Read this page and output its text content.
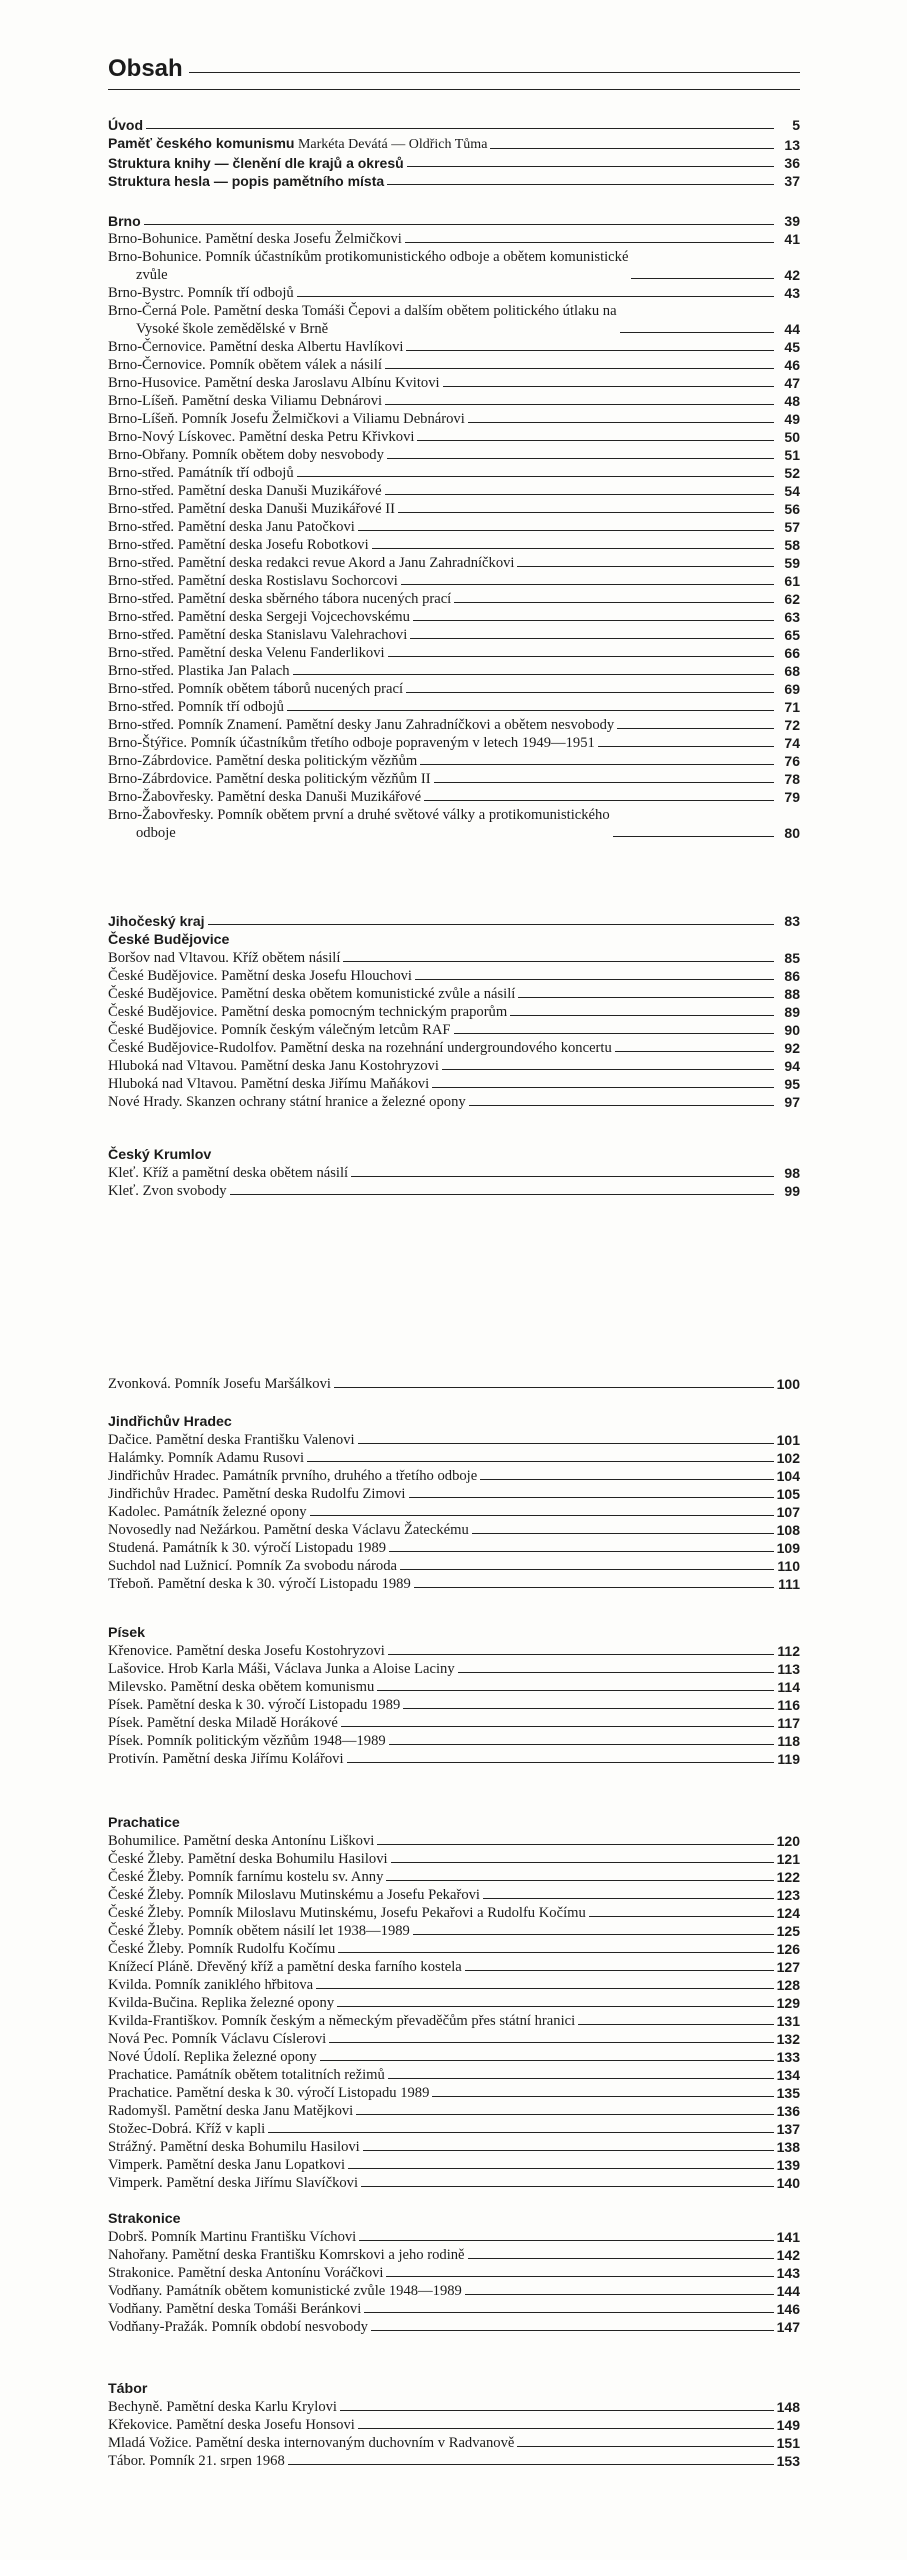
Obsah
Úvod	5
Paměť českého komunismu Markéta Devátá — Oldřich Tůma	13
Struktura knihy — členění dle krajů a okresů	36
Struktura hesla — popis pamětního místa	37
Brno	39
Brno-Bohunice. Pamětní deska Josefu Želmičkovi	41
Brno-Bohunice. Pomník účastníkům protikomunistického odboje a obětem komunistické
zvůle	42
Brno-Bystrc. Pomník tří odbojů	43
Brno-Černá Pole. Pamětní deska Tomáši Čepovi a dalším obětem politického útlaku na
Vysoké škole zemědělské v Brně	44
Brno-Černovice. Pamětní deska Albertu Havlíkovi	45
Brno-Černovice. Pomník obětem válek a násilí	46
Brno-Husovice. Pamětní deska Jaroslavu Albínu Kvitovi	47
Brno-Líšeň. Pamětní deska Viliamu Debnárovi	48
Brno-Líšeň. Pomník Josefu Želmičkovi a Viliamu Debnárovi	49
Brno-Nový Lískovec. Pamětní deska Petru Křivkovi	50
Brno-Obřany. Pomník obětem doby nesvobody	51
Brno-střed. Památník tří odbojů	52
Brno-střed. Pamětní deska Danuši Muzikářové	54
Brno-střed. Pamětní deska Danuši Muzikářové II	56
Brno-střed. Pamětní deska Janu Patočkovi	57
Brno-střed. Pamětní deska Josefu Robotkovi	58
Brno-střed. Pamětní deska redakci revue Akord a Janu Zahradníčkovi	59
Brno-střed. Pamětní deska Rostislavu Sochorcovi	61
Brno-střed. Pamětní deska sběrného tábora nucených prací	62
Brno-střed. Pamětní deska Sergeji Vojcechovskému	63
Brno-střed. Pamětní deska Stanislavu Valehrachovi	65
Brno-střed. Pamětní deska Velenu Fanderlikovi	66
Brno-střed. Plastika Jan Palach	68
Brno-střed. Pomník obětem táborů nucených prací	69
Brno-střed. Pomník tří odbojů	71
Brno-střed. Pomník Znamení. Pamětní desky Janu Zahradníčkovi a obětem nesvobody	72
Brno-Štýřice. Pomník účastníkům třetího odboje popraveným v letech 1949—1951	74
Brno-Zábrdovice. Pamětní deska politickým vězňům	76
Brno-Zábrdovice. Pamětní deska politickým vězňům II	78
Brno-Žabovřesky. Pamětní deska Danuši Muzikářové	79
Brno-Žabovřesky. Pomník obětem první a druhé světové války a protikomunistického
odboje	80
Jihočeský kraj	83
České Budějovice
Boršov nad Vltavou. Kříž obětem násilí	85
České Budějovice. Pamětní deska Josefu Hlouchovi	86
České Budějovice. Pamětní deska obětem komunistické zvůle a násilí	88
České Budějovice. Pamětní deska pomocným technickým praporům	89
České Budějovice. Pomník českým válečným letcům RAF	90
České Budějovice-Rudolfov. Pamětní deska na rozehnání undergroundového koncertu	92
Hluboká nad Vltavou. Pamětní deska Janu Kostohryzovi	94
Hluboká nad Vltavou. Pamětní deska Jiřímu Maňákovi	95
Nové Hrady. Skanzen ochrany státní hranice a železné opony	97
Český Krumlov
Kleť. Kříž a pamětní deska obětem násilí	98
Kleť. Zvon svobody	99
Zvonková. Pomník Josefu Maršálkovi	100
Jindřichův Hradec
Dačice. Pamětní deska Františku Valenovi	101
Halámky. Pomník Adamu Rusovi	102
Jindřichův Hradec. Památník prvního, druhého a třetího odboje	104
Jindřichův Hradec. Pamětní deska Rudolfu Zimovi	105
Kadolec. Památník železné opony	107
Novosedly nad Nežárkou. Pamětní deska Václavu Žateckému	108
Studená. Památník k 30. výročí Listopadu 1989	109
Suchdol nad Lužnicí. Pomník Za svobodu národa	110
Třeboň. Pamětní deska k 30. výročí Listopadu 1989	111
Písek
Křenovice. Pamětní deska Josefu Kostohryzovi	112
Lašovice. Hrob Karla Máši, Václava Junka a Aloise Laciny	113
Milevsko. Pamětní deska obětem komunismu	114
Písek. Pamětní deska k 30. výročí Listopadu 1989	116
Písek. Pamětní deska Miladě Horákové	117
Písek. Pomník politickým vězňům 1948—1989	118
Protivín. Pamětní deska Jiřímu Kolářovi	119
Prachatice
Bohumilice. Pamětní deska Antonínu Liškovi	120
České Žleby. Pamětní deska Bohumilu Hasilovi	121
České Žleby. Pomník farnímu kostelu sv. Anny	122
České Žleby. Pomník Miloslavu Mutinskému a Josefu Pekařovi	123
České Žleby. Pomník Miloslavu Mutinskému, Josefu Pekařovi a Rudolfu Kočímu	124
České Žleby. Pomník obětem násilí let 1938—1989	125
České Žleby. Pomník Rudolfu Kočímu	126
Knížecí Pláně. Dřevěný kříž a pamětní deska farního kostela	127
Kvilda. Pomník zaniklého hřbitova	128
Kvilda-Bučina. Replika železné opony	129
Kvilda-Františkov. Pomník českým a německým převaděčům přes státní hranici	131
Nová Pec. Pomník Václavu Císlerovi	132
Nové Údolí. Replika železné opony	133
Prachatice. Památník obětem totalitních režimů	134
Prachatice. Pamětní deska k 30. výročí Listopadu 1989	135
Radomyšl. Pamětní deska Janu Matějkovi	136
Stožec-Dobrá. Kříž v kapli	137
Strážný. Pamětní deska Bohumilu Hasilovi	138
Vimperk. Pamětní deska Janu Lopatkovi	139
Vimperk. Pamětní deska Jiřímu Slavíčkovi	140
Strakonice
Dobrš. Pomník Martinu Františku Víchovi	141
Nahořany. Pamětní deska Františku Komrskovi a jeho rodině	142
Strakonice. Pamětní deska Antonínu Voráčkovi	143
Vodňany. Památník obětem komunistické zvůle 1948—1989	144
Vodňany. Pamětní deska Tomáši Beránkovi	146
Vodňany-Pražák. Pomník období nesvobody	147
Tábor
Bechyně. Pamětní deska Karlu Krylovi	148
Křekovice. Pamětní deska Josefu Honsovi	149
Mladá Vožice. Pamětní deska internovaným duchovním v Radvanově	151
Tábor. Pomník 21. srpen 1968	153
